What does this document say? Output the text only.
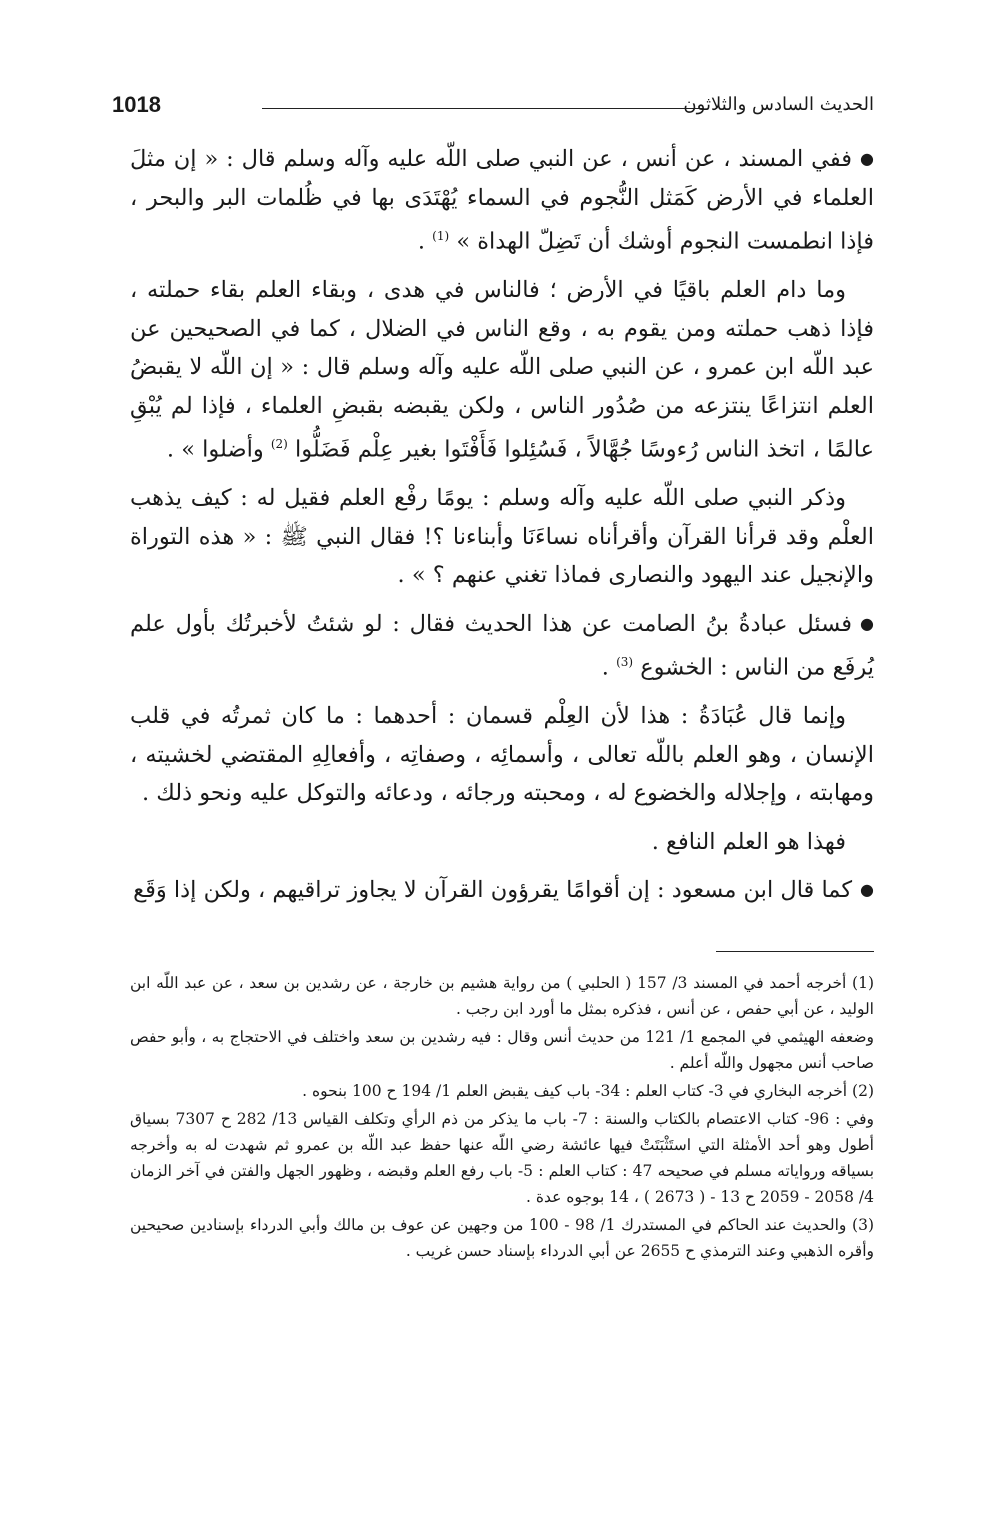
1018	الحديث السادس والثلاثون

●ففي المسند ، عن أنس ، عن النبي صلى اللّه عليه وآله وسلم قال : « إن مثلَ العلماء في الأرض كَمَثل النُّجوم في السماء يُهْتَدَى بها في ظُلمات البر والبحر ، فإذا انطمست النجوم أوشك أن تَضِلّ الهداة » $^{(1)}$ .

وما دام العلم باقيًا في الأرض ؛ فالناس في هدى ، وبقاء العلم بقاء حملته ، فإذا ذهب حملته ومن يقوم به ، وقع الناس في الضلال ، كما في الصحيحين عن عبد اللّه ابن عمرو ، عن النبي صلى اللّه عليه وآله وسلم قال : « إن اللّه لا يقبضُ العلم انتزاعًا ينتزعه من صُدُور الناس ، ولكن يقبضه بقبضِ العلماء ، فإذا لم يُبْقِ عالمًا ، اتخذ الناس رُءوسًا جُهَّالاً ، فَسُئِلوا فَأَفْتَوا بغير عِلْم فَضَلُّوا $^{(2)}$ وأضلوا » .

وذكر النبي صلى اللّه عليه وآله وسلم : يومًا رفْع العلم فقيل له : كيف يذهب العلْم وقد قرأنا القرآن وأقرأناه نساءَنَا وأبناءنا ؟! فقال النبي ﷺ : « هذه التوراة والإنجيل عند اليهود والنصارى فماذا تغني عنهم ؟ » .

●فسئل عبادةُ بنُ الصامت عن هذا الحديث فقال : لو شئتُ لأخبرتُك بأول علم يُرفَع من الناس : الخشوع $^{(3)}$ .

وإنما قال عُبَادَةُ : هذا لأن العِلْم قسمان : أحدهما : ما كان ثمرتُه في قلب الإنسان ، وهو العلم باللّه تعالى ، وأسمائِه ، وصفاتِه ، وأفعالِهِ المقتضي لخشيته ، ومهابته ، وإجلاله والخضوع له ، ومحبته ورجائه ، ودعائه والتوكل عليه ونحو ذلك .

فهذا هو العلم النافع .

●كما قال ابن مسعود : إن أقوامًا يقرؤون القرآن لا يجاوز تراقيهم ، ولكن إذا وَقَع

(1) أخرجه أحمد في المسند 3/ 157 ( الحلبي ) من رواية هشيم بن خارجة ، عن رشدين بن سعد ، عن عبد اللّه ابن الوليد ، عن أبي حفص ، عن أنس ، فذكره بمثل ما أورد ابن رجب .

وضعفه الهيثمي في المجمع 1/ 121 من حديث أنس وقال : فيه رشدين بن سعد واختلف في الاحتجاج به ، وأبو حفص صاحب أنس مجهول واللّه أعلم .

(2) أخرجه البخاري في 3- كتاب العلم : 34- باب كيف يقبض العلم 1/ 194 ح 100 بنحوه .

وفي : 96- كتاب الاعتصام بالكتاب والسنة : 7- باب ما يذكر من ذم الرأي وتكلف القياس 13/ 282 ح 7307 بسياق أطول وهو أحد الأمثلة التي استَثْبَتَتْ فيها عائشة رضي اللّه عنها حفظ عبد اللّه بن عمرو ثم شهدت له به وأخرجه بسياقه ورواياته مسلم في صحيحه 47 : كتاب العلم : 5- باب رفع العلم وقبضه ، وظهور الجهل والفتن في آخر الزمان 4/ 2058 - 2059 ح 13 - ( 2673 ) ، 14 بوجوه عدة .

(3) والحديث عند الحاكم في المستدرك 1/ 98 - 100 من وجهين عن عوف بن مالك وأبي الدرداء بإسنادين صحيحين وأقره الذهبي وعند الترمذي ح 2655 عن أبي الدرداء بإسناد حسن غريب .
